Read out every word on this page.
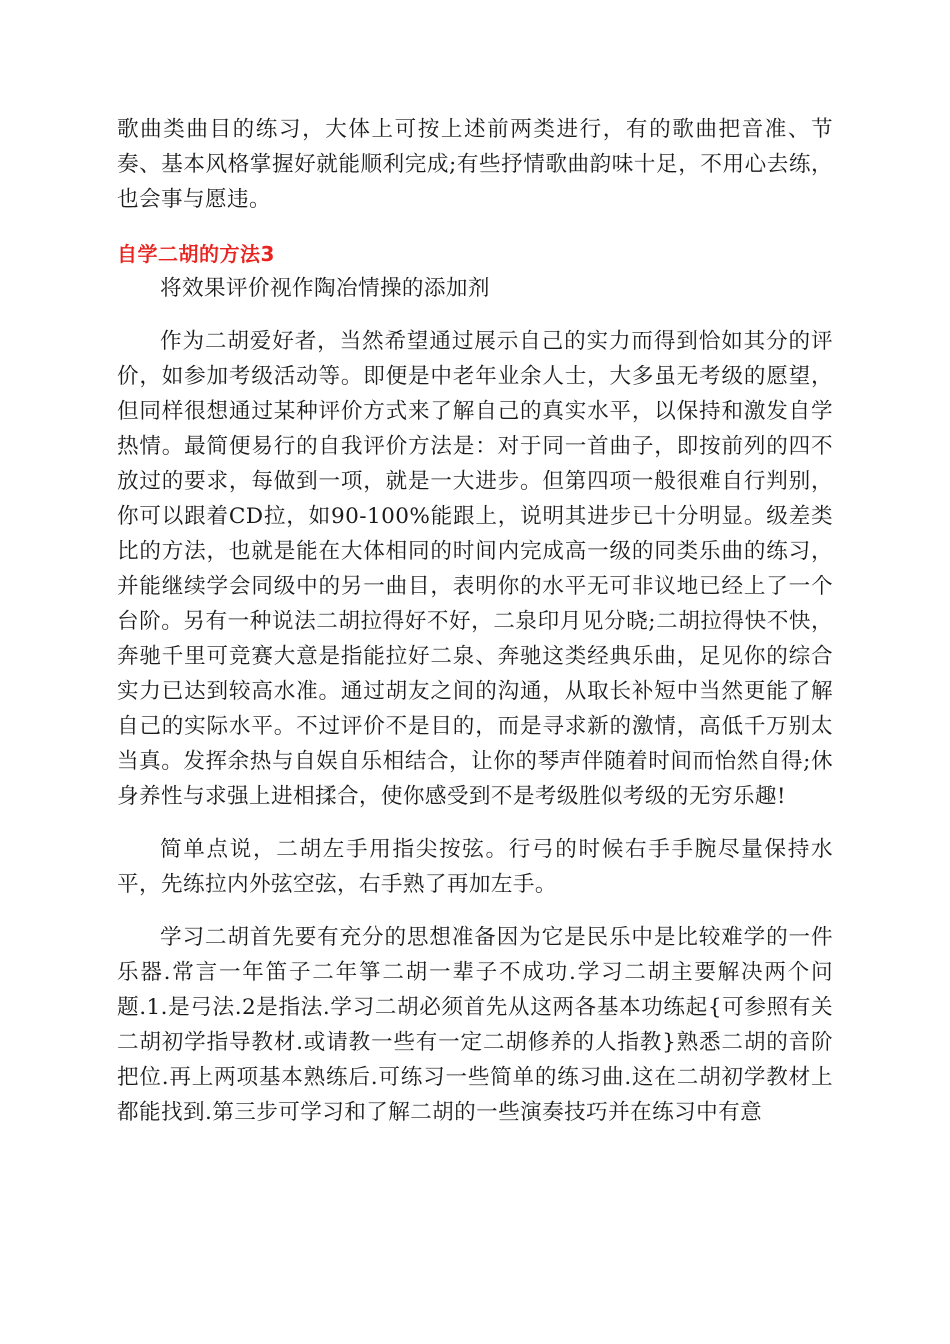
歌曲类曲目的练习，大体上可按上述前两类进行，有的歌曲把音准、节奏、基本风格掌握好就能顺利完成;有些抒情歌曲韵味十足，不用心去练，也会事与愿违。

自学二胡的方法3

将效果评价视作陶冶情操的添加剂

作为二胡爱好者，当然希望通过展示自己的实力而得到恰如其分的评价，如参加考级活动等。即便是中老年业余人士，大多虽无考级的愿望，但同样很想通过某种评价方式来了解自己的真实水平，以保持和激发自学热情。最简便易行的自我评价方法是：对于同一首曲子，即按前列的四不放过的要求，每做到一项，就是一大进步。但第四项一般很难自行判别，你可以跟着CD拉，如90-100%能跟上，说明其进步已十分明显。级差类比的方法，也就是能在大体相同的时间内完成高一级的同类乐曲的练习，并能继续学会同级中的另一曲目，表明你的水平无可非议地已经上了一个台阶。另有一种说法二胡拉得好不好，二泉印月见分晓;二胡拉得快不快，奔驰千里可竞赛大意是指能拉好二泉、奔驰这类经典乐曲，足见你的综合实力已达到较高水准。通过胡友之间的沟通，从取长补短中当然更能了解自己的实际水平。不过评价不是目的，而是寻求新的激情，高低千万别太当真。发挥余热与自娱自乐相结合，让你的琴声伴随着时间而怡然自得;休身养性与求强上进相揉合，使你感受到不是考级胜似考级的无穷乐趣!

简单点说，二胡左手用指尖按弦。行弓的时候右手手腕尽量保持水平，先练拉内外弦空弦，右手熟了再加左手。

学习二胡首先要有充分的思想准备因为它是民乐中是比较难学的一件乐器.常言一年笛子二年箏二胡一辈子不成功.学习二胡主要解决两个问题.1.是弓法.2是指法.学习二胡必须首先从这两各基本功练起{可参照有关二胡初学指导教材.或请教一些有一定二胡修养的人指教}熟悉二胡的音阶把位.再上两项基本熟练后.可练习一些简单的练习曲.这在二胡初学教材上都能找到.第三步可学习和了解二胡的一些演奏技巧并在练习中有意
